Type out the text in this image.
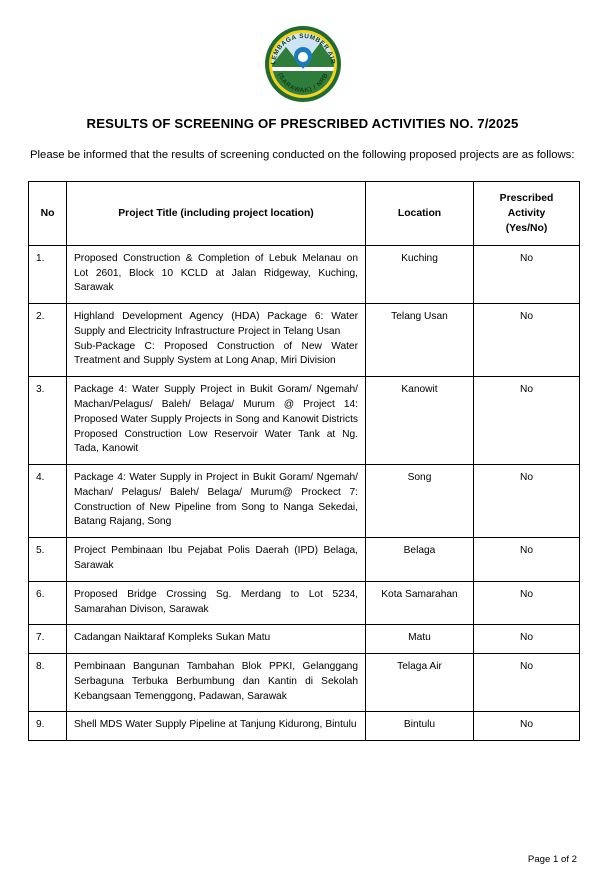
LEMBAGA SUMBER AIR
(SARAWAK) / NRB
RESULTS OF SCREENING OF PRESCRIBED ACTIVITIES NO. 7/2025

Please be informed that the results of screening conducted on the following proposed projects are as follows:

No	Project Title (including project location)	Location	Prescribed
Activity
(Yes/No)

1.	Proposed Construction & Completion of Lebuk Melanau on Lot 2601, Block 10 KCLD at Jalan Ridgeway, Kuching, Sarawak	Kuching	No
2.	Highland Development Agency (HDA) Package 6: Water Supply and Electricity Infrastructure Project in Telang Usan
Sub-Package C: Proposed Construction of New Water Treatment and Supply System at Long Anap, Miri Division	Telang Usan	No
3.	Package 4: Water Supply Project in Bukit Goram/ Ngemah/ Machan/Pelagus/ Baleh/ Belaga/ Murum @ Project 14: Proposed Water Supply Projects in Song and Kanowit Districts Proposed Construction Low Reservoir Water Tank at Ng. Tada, Kanowit	Kanowit	No
4.	Package 4: Water Supply in Project in Bukit Goram/ Ngemah/ Machan/ Pelagus/ Baleh/ Belaga/ Murum@ Prockect 7: Construction of New Pipeline from Song to Nanga Sekedai, Batang Rajang, Song	Song	No
5.	Project Pembinaan Ibu Pejabat Polis Daerah (IPD) Belaga, Sarawak	Belaga	No
6.	Proposed Bridge Crossing Sg. Merdang to Lot 5234, Samarahan Divison, Sarawak	Kota Samarahan	No
7.	Cadangan Naiktaraf Kompleks Sukan Matu	Matu	No
8.	Pembinaan Bangunan Tambahan Blok PPKI, Gelanggang Serbaguna Terbuka Berbumbung dan Kantin di Sekolah Kebangsaan Temenggong, Padawan, Sarawak	Telaga Air	No
9.	Shell MDS Water Supply Pipeline at Tanjung Kidurong, Bintulu	Bintulu	No
Page 1 of 2
